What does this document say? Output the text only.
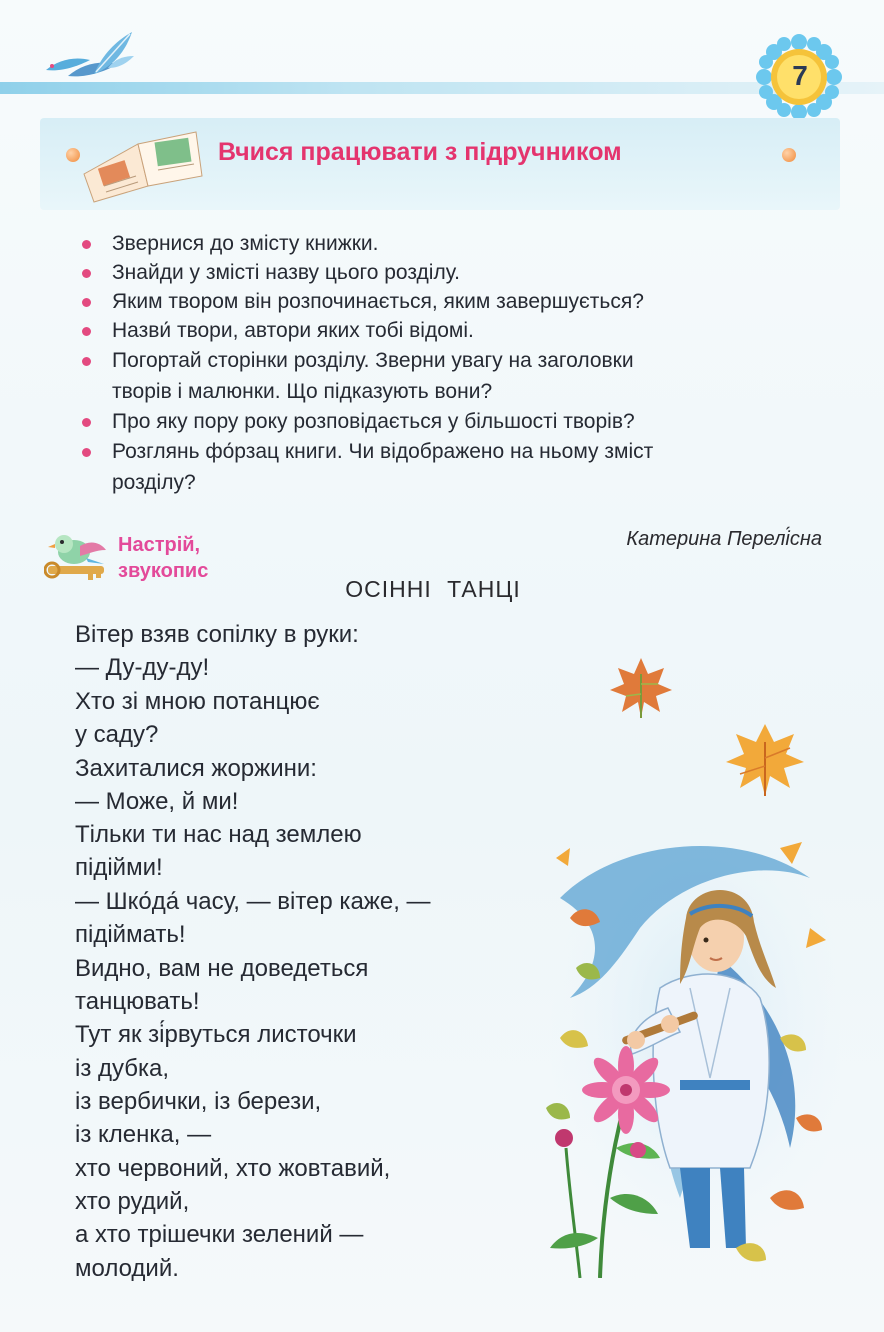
7
Вчися працювати з підручником
Звернися до змісту книжки.
Знайди у змісті назву цього розділу.
Яким твором він розпочинається, яким завершується?
Назви́ твори, автори яких тобі відомі.
Погортай сторінки розділу. Зверни увагу на заголовки
творів і малюнки. Що підказують вони?
Про яку пору року розповідається у більшості творів?
Розглянь фо́рзац книги. Чи відображено на ньому зміст
розділу?
Настрій,
звукопис
Катерина Перелі́сна
ОСІННІ ТАНЦІ
Вітер взяв сопілку в руки:
— Ду-ду-ду!
Хто зі мною потанцює
у саду?
Захиталися жоржини:
— Може, й ми!
Тільки ти нас над землею
підійми!
— Шко́да́ часу, — вітер каже, —
підіймать!
Видно, вам не доведеться
танцювать!
Тут як зі́рвуться листочки
із дубка,
із вербички, із берези,
із кленка, —
хто червоний, хто жовтавий,
хто рудий,
а хто трішечки зелений —
молодий.
